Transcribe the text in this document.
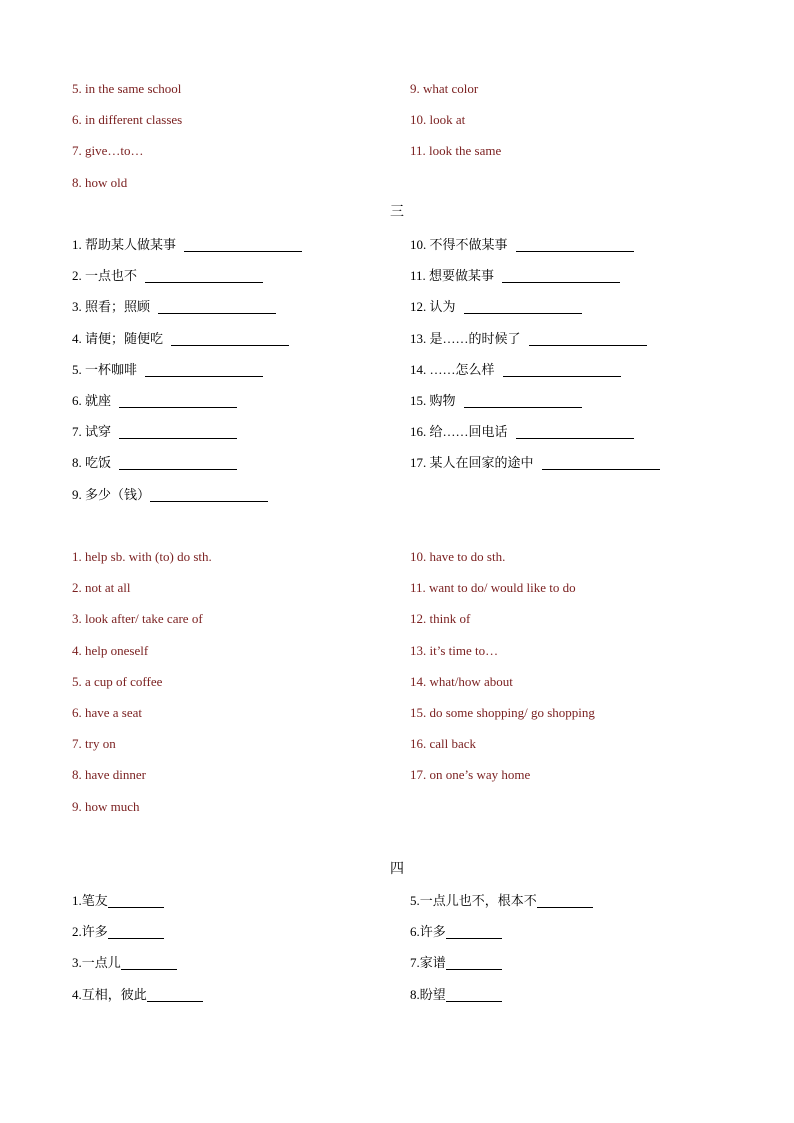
5. in the same school
6. in different classes
7. give…to…
8. how old
9. what color
10. look at
11. look the same
三
1. 帮助某人做某事
2. 一点也不
3. 照看；照顾
4. 请便；随便吃
5. 一杯咖啡
6. 就座
7. 试穿
8. 吃饭
9. 多少（钱）
10. 不得不做某事
11. 想要做某事
12. 认为
13. 是……的时候了
14. ……怎么样
15. 购物
16. 给……回电话
17. 某人在回家的途中
1. help sb. with (to) do sth.
2. not at all
3. look after/ take care of
4. help oneself
5. a cup of coffee
6. have a seat
7. try on
8. have dinner
9. how much
10. have to do sth.
11. want to do/ would like to do
12. think of
13. it’s time to…
14. what/how about
15. do some shopping/ go shopping
16. call back
17. on one’s way home
四
1.笔友
2.许多
3.一点儿
4.互相，彼此
5.一点儿也不，根本不
6.许多
7.家谱
8.盼望
